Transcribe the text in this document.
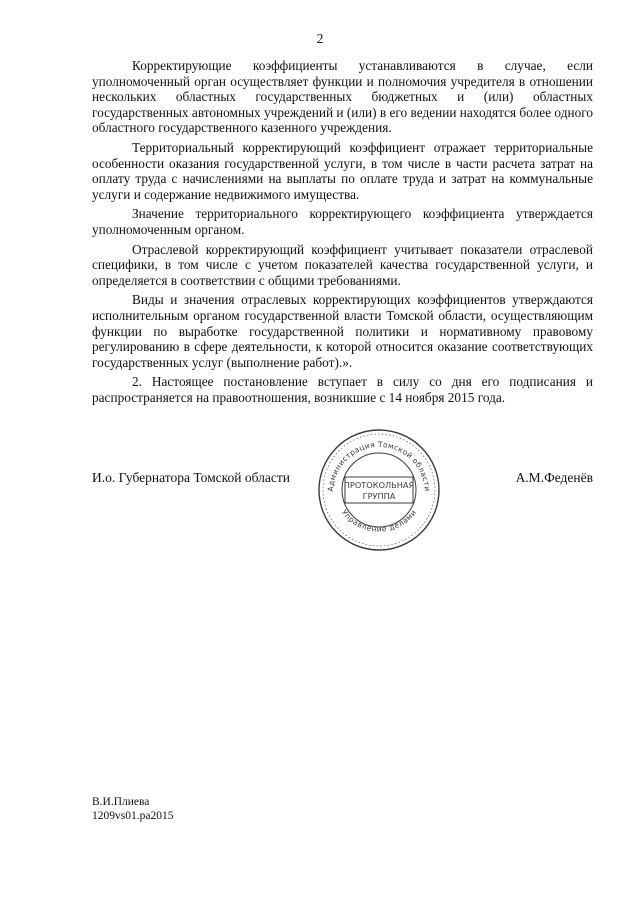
2

Корректирующие коэффициенты устанавливаются в случае, если уполномоченный орган осуществляет функции и полномочия учредителя в отношении нескольких областных государственных бюджетных и (или) областных государственных автономных учреждений и (или) в его ведении находятся более одного областного государственного казенного учреждения.

Территориальный корректирующий коэффициент отражает территориальные особенности оказания государственной услуги, в том числе в части расчета затрат на оплату труда с начислениями на выплаты по оплате труда и затрат на коммунальные услуги и содержание недвижимого имущества.

Значение территориального корректирующего коэффициента утверждается уполномоченным органом.

Отраслевой корректирующий коэффициент учитывает показатели отраслевой специфики, в том числе с учетом показателей качества государственной услуги, и определяется в соответствии с общими требованиями.

Виды и значения отраслевых корректирующих коэффициентов утверждаются исполнительным органом государственной власти Томской области, осуществляющим функции по выработке государственной политики и нормативному правовому регулированию в сфере деятельности, к которой относится оказание соответствующих государственных услуг (выполнение работ).».

2. Настоящее постановление вступает в силу со дня его подписания и распространяется на правоотношения, возникшие с 14 ноября 2015 года.

И.о. Губернатора Томской области	А.М.Феденёв
Администрация Томской области
Управление делами
ПРОТОКОЛЬНАЯ
ГРУППА
В.И.Плиева
1209vs01.pa2015
